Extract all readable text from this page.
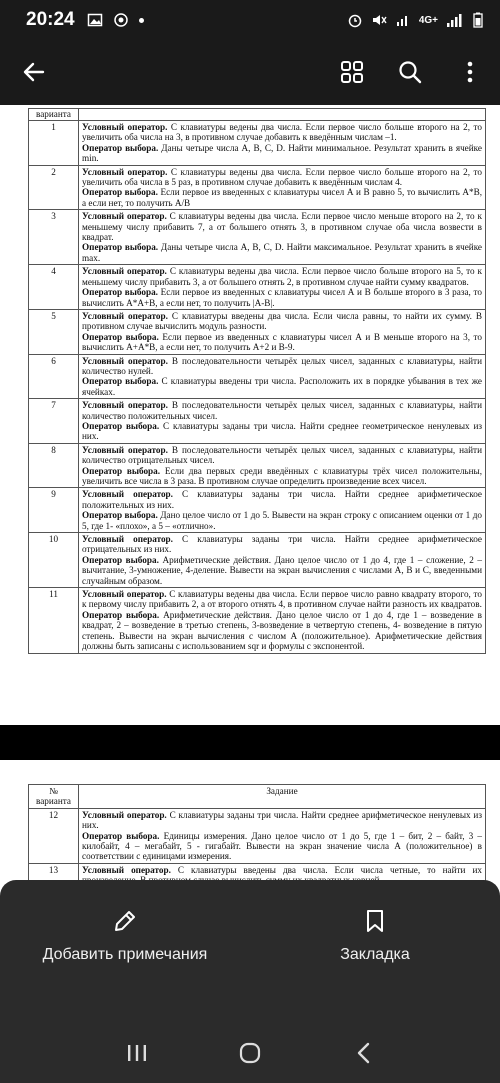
20:24	4G+
варианта	
1	Условный оператор. С клавиатуры ведены два числа. Если первое число больше второго на 2, то увеличить оба числа на 3, в противном случае добавить к введённым числам –1.
Оператор выбора. Даны четыре числа A, B, C, D. Найти минимальное. Результат хранить в ячейке min.

2	Условный оператор. С клавиатуры ведены два числа. Если первое число больше второго на 2, то увеличить оба числа в 5 раз, в противном случае добавить к введённым числам 4.
Оператор выбора. Если первое из введенных с клавиатуры чисел А и В равно 5, то вычислить А*В, а если нет, то получить А/В

3	Условный оператор. С клавиатуры ведены два числа. Если первое число меньше второго на 2, то к меньшему числу прибавить 7, а от большего отнять 3, в противном случае оба числа возвести в квадрат.
Оператор выбора. Даны четыре числа A, B, C, D. Найти максимальное. Результат хранить в ячейке max.

4	Условный оператор. С клавиатуры ведены два числа. Если первое число больше второго на 5, то к меньшему числу прибавить 3, а от большего отнять 2, в противном случае найти сумму квадратов.
Оператор выбора. Если первое из введенных с клавиатуры чисел А и В больше второго в 3 раза, то вычислить А*А+В, а если нет, то получить |А-В|.

5	Условный оператор. С клавиатуры введены два числа. Если числа равны, то найти их сумму. В противном случае вычислить модуль разности.
Оператор выбора. Если первое из введенных с клавиатуры чисел А и В меньше второго на 3, то вычислить А+А*В, а если нет, то получить А+2 и В-9.

6	Условный оператор. В последовательности четырёх целых чисел, заданных с клавиатуры, найти количество нулей.
Оператор выбора. С клавиатуры введены три числа. Расположить их в порядке убывания в тех же ячейках.

7	Условный оператор. В последовательности четырёх целых чисел, заданных с клавиатуры, найти количество положительных чисел.
Оператор выбора. С клавиатуры заданы три числа. Найти среднее геометрическое ненулевых из них.

8	Условный оператор. В последовательности четырёх целых чисел, заданных с клавиатуры, найти количество отрицательных чисел.
Оператор выбора. Если два первых среди введённых с клавиатуры трёх чисел положительны, увеличить все числа в 3 раза. В противном случае определить произведение всех чисел.

9	Условный оператор. С клавиатуры заданы три числа. Найти среднее арифметическое положительных из них.
Оператор выбора. Дано целое число от 1 до 5. Вывести на экран строку с описанием оценки от 1 до 5, где 1- «плохо», а 5 – «отлично».

10	Условный оператор. С клавиатуры заданы три числа. Найти среднее арифметическое отрицательных из них.
Оператор выбора. Арифметические действия. Дано целое число от 1 до 4, где 1 – сложение, 2 – вычитание, 3-умножение, 4-деление. Вывести на экран вычисления с числами А, В и С, введенными случайным образом.

11	Условный оператор. С клавиатуры ведены два числа. Если первое число равно квадрату второго, то к первому числу прибавить 2, а от второго отнять 4, в противном случае найти разность их квадратов.
Оператор выбора. Арифметические действия. Дано целое число от 1 до 4, где 1 – возведение в квадрат, 2 – возведение в третью степень, 3-возведение в четвертую степень, 4- возведение в пятую степень. Вывести на экран вычисления с числом А (положительное). Арифметические действия должны быть записаны с использованием sqr и формулы с экспонентой.
№
варианта	Задание
12	Условный оператор. С клавиатуры заданы три числа. Найти среднее арифметическое ненулевых из них.
Оператор выбора. Единицы измерения. Дано целое число от 1 до 5, где 1 – бит, 2 – байт, 3 – килобайт, 4 – мегабайт, 5 - гигабайт. Вывести на экран значение числа А (положительное) в соответствии с единицами измерения.

13	Условный оператор. С клавиатуры введены два числа. Если числа четные, то найти их
Добавить примечания	Закладка
